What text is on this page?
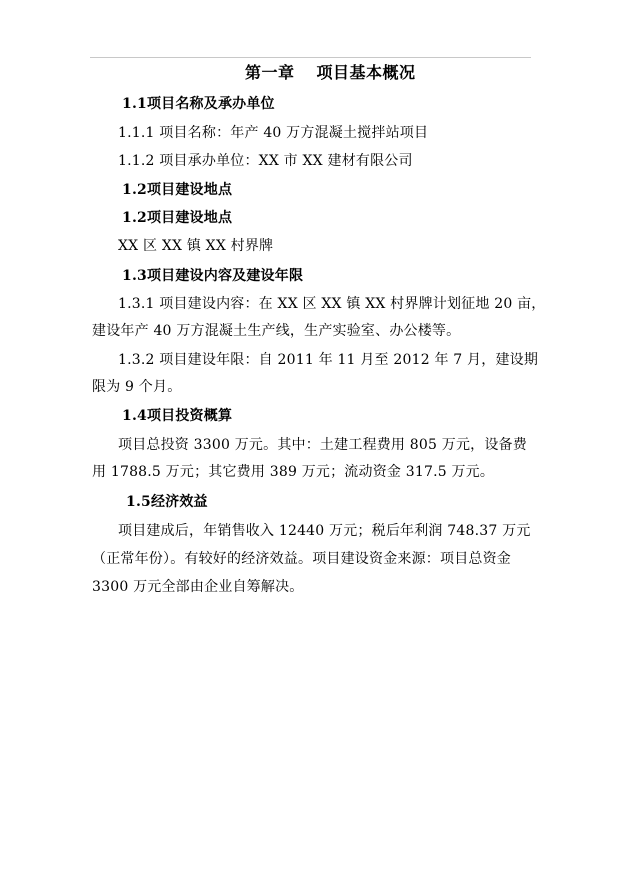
第一章 项目基本概况
1.1项目名称及承办单位
1.1.1 项目名称：年产 40 万方混凝土搅拌站项目
1.1.2 项目承办单位：XX 市 XX 建材有限公司
1.2项目建设地点
1.2项目建设地点
XX 区 XX 镇 XX 村界牌
1.3项目建设内容及建设年限
1.3.1 项目建设内容：在 XX 区 XX 镇 XX 村界牌计划征地 20 亩，
建设年产 40 万方混凝土生产线，生产实验室、办公楼等。
1.3.2 项目建设年限：自 2011 年 11 月至 2012 年 7 月，建设期
限为 9 个月。
1.4项目投资概算
项目总投资 3300 万元。其中：土建工程费用 805 万元，设备费
用 1788.5 万元；其它费用 389 万元；流动资金 317.5 万元。
1.5经济效益
项目建成后，年销售收入 12440 万元；税后年利润 748.37 万元
（正常年份）。有较好的经济效益。项目建设资金来源：项目总资金
3300 万元全部由企业自筹解决。
